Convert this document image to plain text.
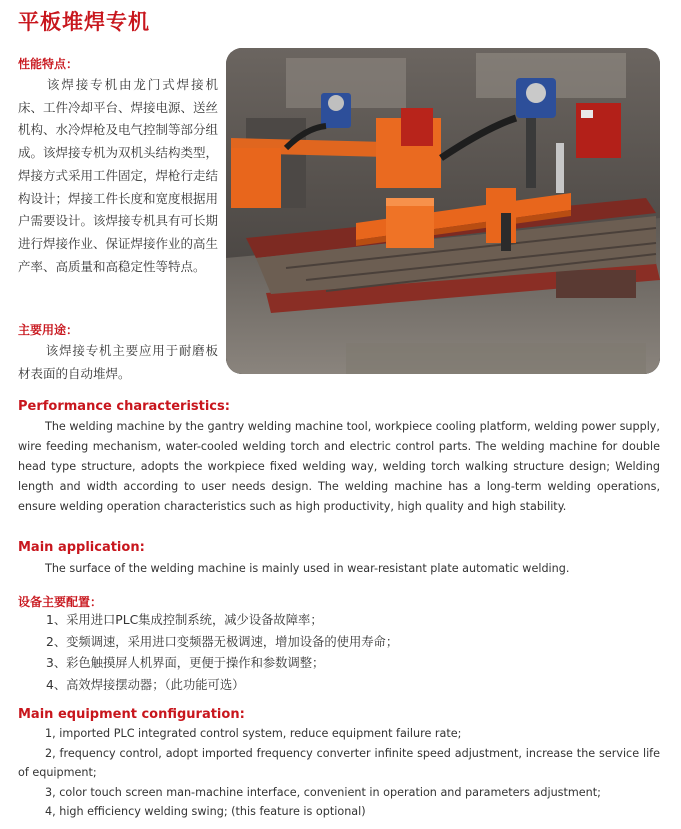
平板堆焊专机
性能特点：

该焊接专机由龙门式焊接机床、工件冷却平台、焊接电源、送丝机构、水冷焊枪及电气控制等部分组成。该焊接专机为双机头结构类型，焊接方式采用工件固定，焊枪行走结构设计；焊接工件长度和宽度根据用户需要设计。该焊接专机具有可长期进行焊接作业、保证焊接作业的高生产率、高质量和高稳定性等特点。

主要用途：

该焊接专机主要应用于耐磨板材表面的自动堆焊。

Performance characteristics:

The welding machine by the gantry welding machine tool, workpiece cooling platform, welding power supply, wire feeding mechanism, water-cooled welding torch and electric control parts. The welding machine for double head type structure, adopts the workpiece fixed welding way, welding torch walking structure design; Welding length and width according to user needs design. The welding machine has a long-term welding operations, ensure welding operation characteristics such as high productivity, high quality and high stability.

Main application:

The surface of the welding machine is mainly used in wear-resistant plate automatic welding.

设备主要配置：
1、采用进口PLC集成控制系统，减少设备故障率；
2、变频调速，采用进口变频器无极调速，增加设备的使用寿命；
3、彩色触摸屏人机界面，更便于操作和参数调整；
4、高效焊接摆动器；（此功能可选）
Main equipment configuration:
1, imported PLC integrated control system, reduce equipment failure rate;
2, frequency control, adopt imported frequency converter infinite speed adjustment, increase the service life of equipment;
3, color touch screen man-machine interface, convenient in operation and parameters adjustment;
4, high efficiency welding swing; (this feature is optional)
